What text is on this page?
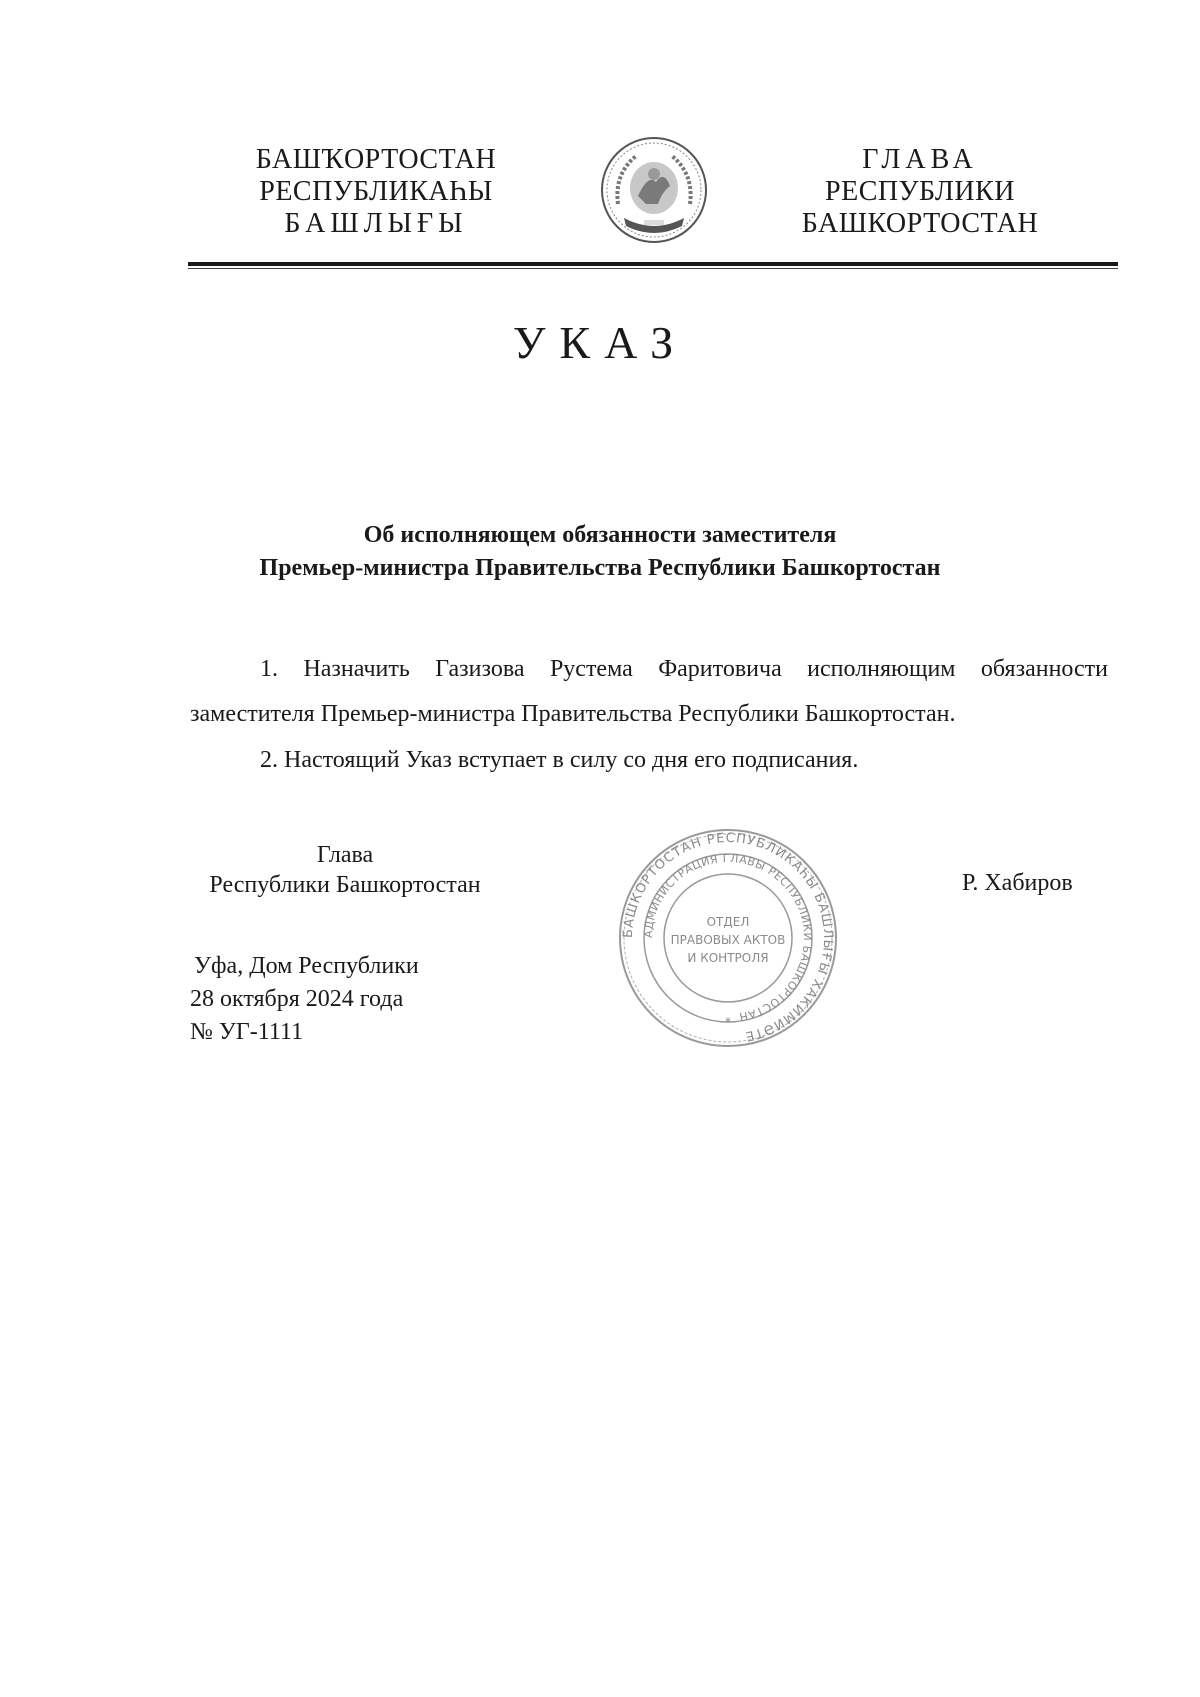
БАШҠОРТОСТАН
РЕСПУБЛИКАҺЫ
БАШЛЫҒЫ
ГЛАВА
РЕСПУБЛИКИ
БАШКОРТОСТАН
УКАЗ
Об исполняющем обязанности заместителя
Премьер-министра Правительства Республики Башкортостан
1. Назначить Газизова Рустема Фаритовича исполняющим обязанности заместителя Премьер-министра Правительства Республики Башкортостан.
2. Настоящий Указ вступает в силу со дня его подписания.
Глава
Республики Башкортостан
БАШКОРТОСТАН РЕСПУБЛИКАҺЫ БАШЛЫҒЫ ХАКИМИӘТЕ
АДМИНИСТРАЦИЯ ГЛАВЫ РЕСПУБЛИКИ БАШКОРТОСТАН
ОТДЕЛ
ПРАВОВЫХ АКТОВ
И КОНТРОЛЯ
*
Р. Хабиров
Уфа, Дом Республики
28 октября 2024 года
№ УГ-1111
